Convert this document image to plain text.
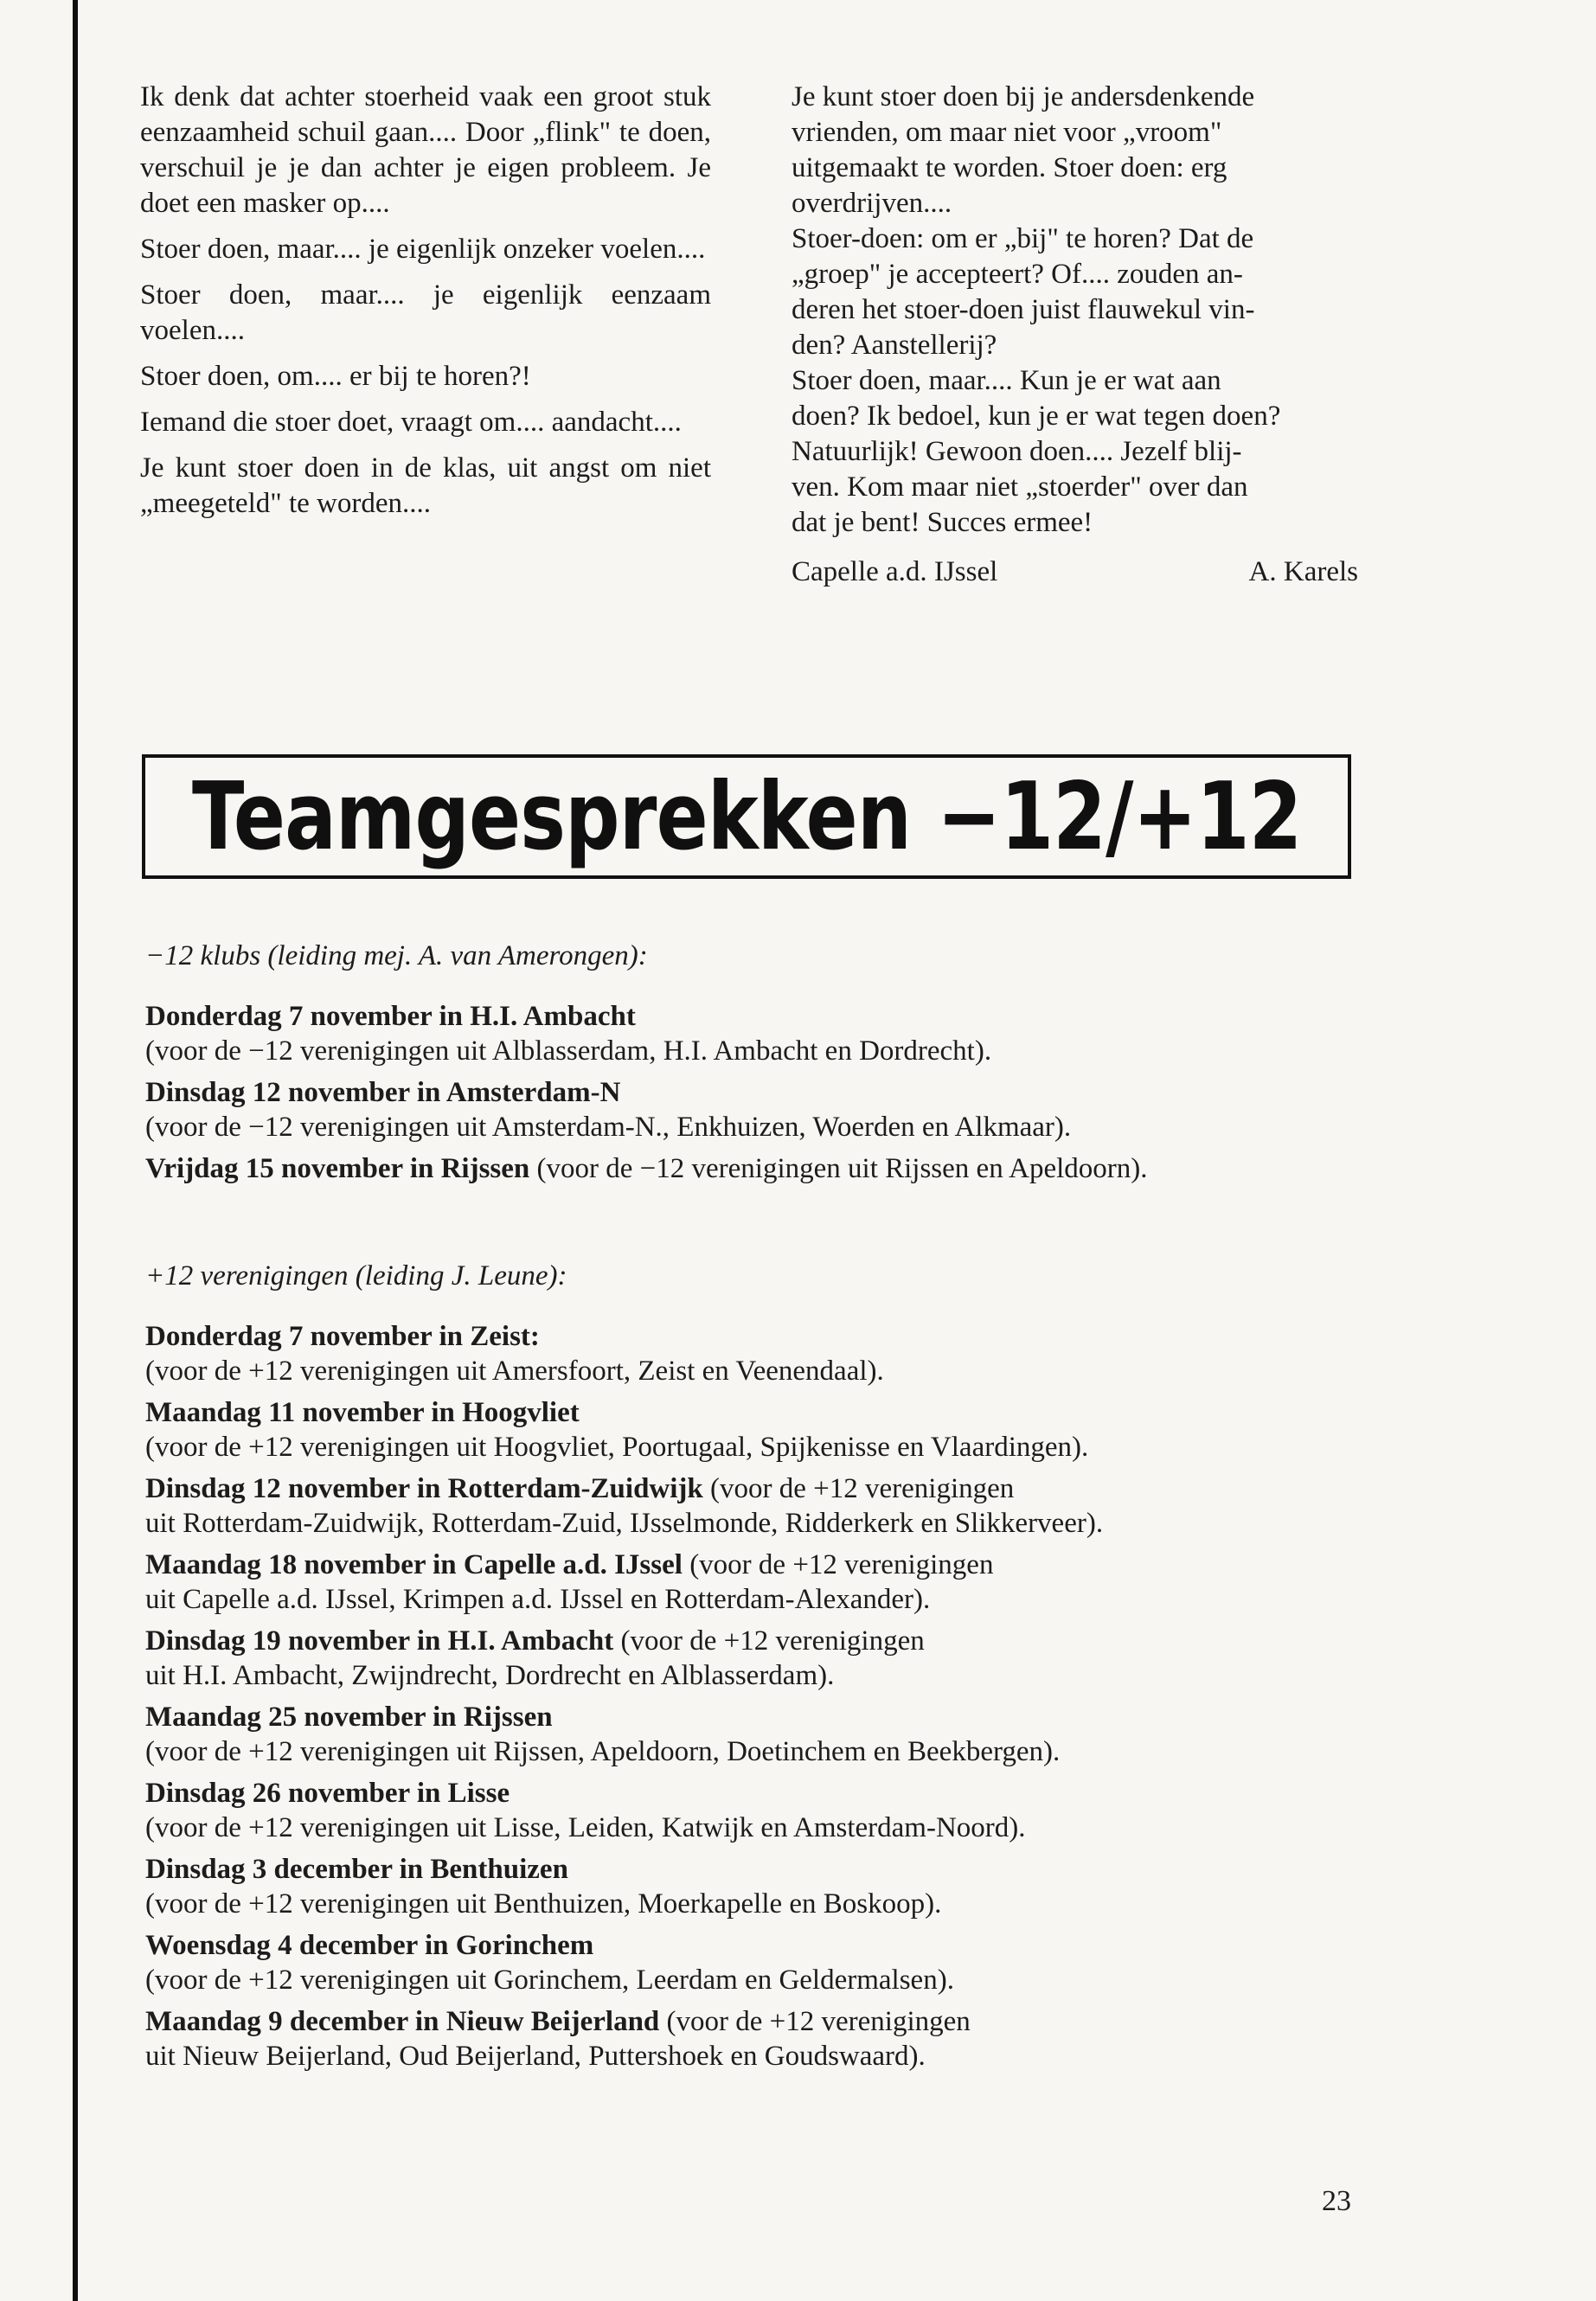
Ik denk dat achter stoerheid vaak een groot stuk eenzaamheid schuil gaan.... Door „flink" te doen, verschuil je je dan achter je eigen probleem. Je doet een masker op....

Stoer doen, maar.... je eigenlijk onzeker voelen....

Stoer doen, maar.... je eigenlijk eenzaam voelen....

Stoer doen, om.... er bij te horen?!

Iemand die stoer doet, vraagt om.... aandacht....

Je kunt stoer doen in de klas, uit angst om niet „meegeteld" te worden....

Je kunt stoer doen bij je andersdenkende

vrienden, om maar niet voor „vroom"

uitgemaakt te worden. Stoer doen: erg

overdrijven....

Stoer-doen: om er „bij" te horen? Dat de

„groep" je accepteert? Of.... zouden an-

deren het stoer-doen juist flauwekul vin-

den? Aanstellerij?

Stoer doen, maar.... Kun je er wat aan

doen? Ik bedoel, kun je er wat tegen doen?

Natuurlijk! Gewoon doen.... Jezelf blij-

ven. Kom maar niet „stoerder" over dan

dat je bent! Succes ermee!

Capelle a.d. IJssel	A. Karels

Teamgesprekken −12/+12

−12 klubs (leiding mej. A. van Amerongen):

Donderdag 7 november in H.I. Ambacht
(voor de −12 verenigingen uit Alblasserdam, H.I. Ambacht en Dordrecht).

Dinsdag 12 november in Amsterdam-N
(voor de −12 verenigingen uit Amsterdam-N., Enkhuizen, Woerden en Alkmaar).

Vrijdag 15 november in Rijssen (voor de −12 verenigingen uit Rijssen en Apeldoorn).

+12 verenigingen (leiding J. Leune):

Donderdag 7 november in Zeist:
(voor de +12 verenigingen uit Amersfoort, Zeist en Veenendaal).

Maandag 11 november in Hoogvliet
(voor de +12 verenigingen uit Hoogvliet, Poortugaal, Spijkenisse en Vlaardingen).

Dinsdag 12 november in Rotterdam-Zuidwijk (voor de +12 verenigingen
uit Rotterdam-Zuidwijk, Rotterdam-Zuid, IJsselmonde, Ridderkerk en Slikkerveer).

Maandag 18 november in Capelle a.d. IJssel (voor de +12 verenigingen
uit Capelle a.d. IJssel, Krimpen a.d. IJssel en Rotterdam-Alexander).

Dinsdag 19 november in H.I. Ambacht (voor de +12 verenigingen
uit H.I. Ambacht, Zwijndrecht, Dordrecht en Alblasserdam).

Maandag 25 november in Rijssen
(voor de +12 verenigingen uit Rijssen, Apeldoorn, Doetinchem en Beekbergen).

Dinsdag 26 november in Lisse
(voor de +12 verenigingen uit Lisse, Leiden, Katwijk en Amsterdam-Noord).

Dinsdag 3 december in Benthuizen
(voor de +12 verenigingen uit Benthuizen, Moerkapelle en Boskoop).

Woensdag 4 december in Gorinchem
(voor de +12 verenigingen uit Gorinchem, Leerdam en Geldermalsen).

Maandag 9 december in Nieuw Beijerland (voor de +12 verenigingen
uit Nieuw Beijerland, Oud Beijerland, Puttershoek en Goudswaard).

23
